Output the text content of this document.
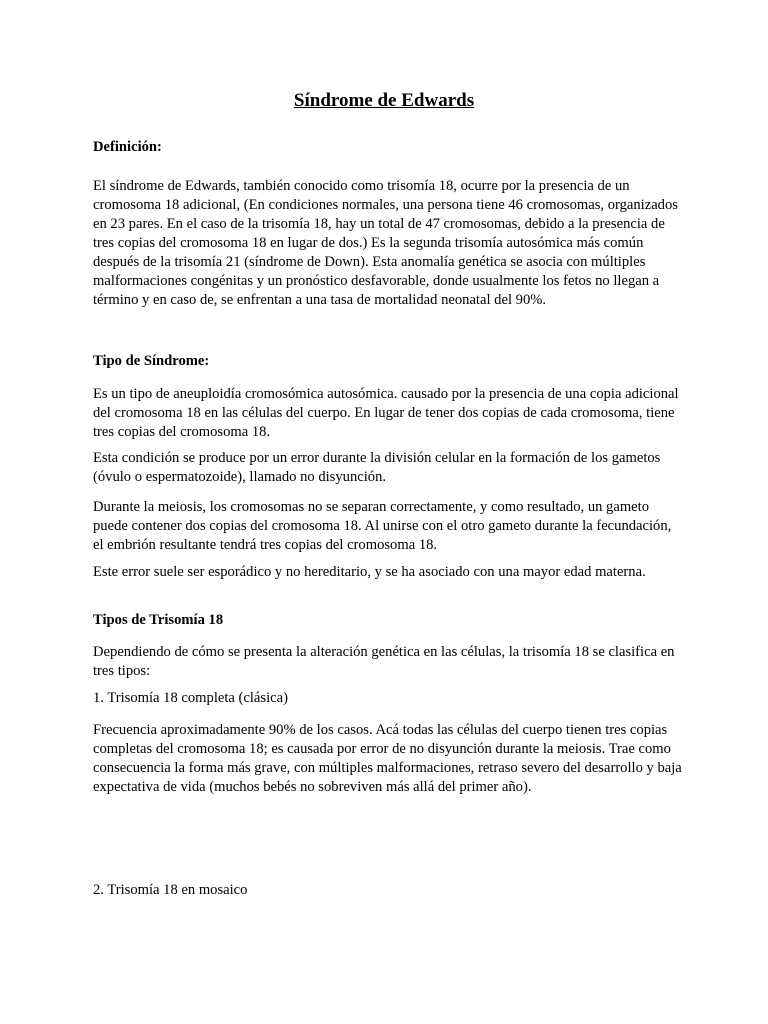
Síndrome de Edwards

Definición:

El síndrome de Edwards, también conocido como trisomía 18, ocurre por la presencia de un cromosoma 18 adicional, (En condiciones normales, una persona tiene 46 cromosomas, organizados en 23 pares. En el caso de la trisomía 18, hay un total de 47 cromosomas, debido a la presencia de tres copias del cromosoma 18 en lugar de dos.) Es la segunda trisomía autosómica más común después de la trisomía 21 (síndrome de Down). Esta anomalía genética se asocia con múltiples malformaciones congénitas y un pronóstico desfavorable, donde usualmente los fetos no llegan a término y en caso de, se enfrentan a una tasa de mortalidad neonatal del 90%.

Tipo de Síndrome:

Es un tipo de aneuploidía cromosómica autosómica. causado por la presencia de una copia adicional del cromosoma 18 en las células del cuerpo. En lugar de tener dos copias de cada cromosoma, tiene tres copias del cromosoma 18.

Esta condición se produce por un error durante la división celular en la formación de los gametos (óvulo o espermatozoide), llamado no disyunción.

Durante la meiosis, los cromosomas no se separan correctamente, y como resultado, un gameto puede contener dos copias del cromosoma 18. Al unirse con el otro gameto durante la fecundación, el embrión resultante tendrá tres copias del cromosoma 18.

Este error suele ser esporádico y no hereditario, y se ha asociado con una mayor edad materna.

Tipos de Trisomía 18

Dependiendo de cómo se presenta la alteración genética en las células, la trisomía 18 se clasifica en tres tipos:

1. Trisomía 18 completa (clásica)

Frecuencia aproximadamente 90% de los casos. Acá todas las células del cuerpo tienen tres copias completas del cromosoma 18; es causada por error de no disyunción durante la meiosis. Trae como consecuencia la forma más grave, con múltiples malformaciones, retraso severo del desarrollo y baja expectativa de vida (muchos bebés no sobreviven más allá del primer año).

2. Trisomía 18 en mosaico
